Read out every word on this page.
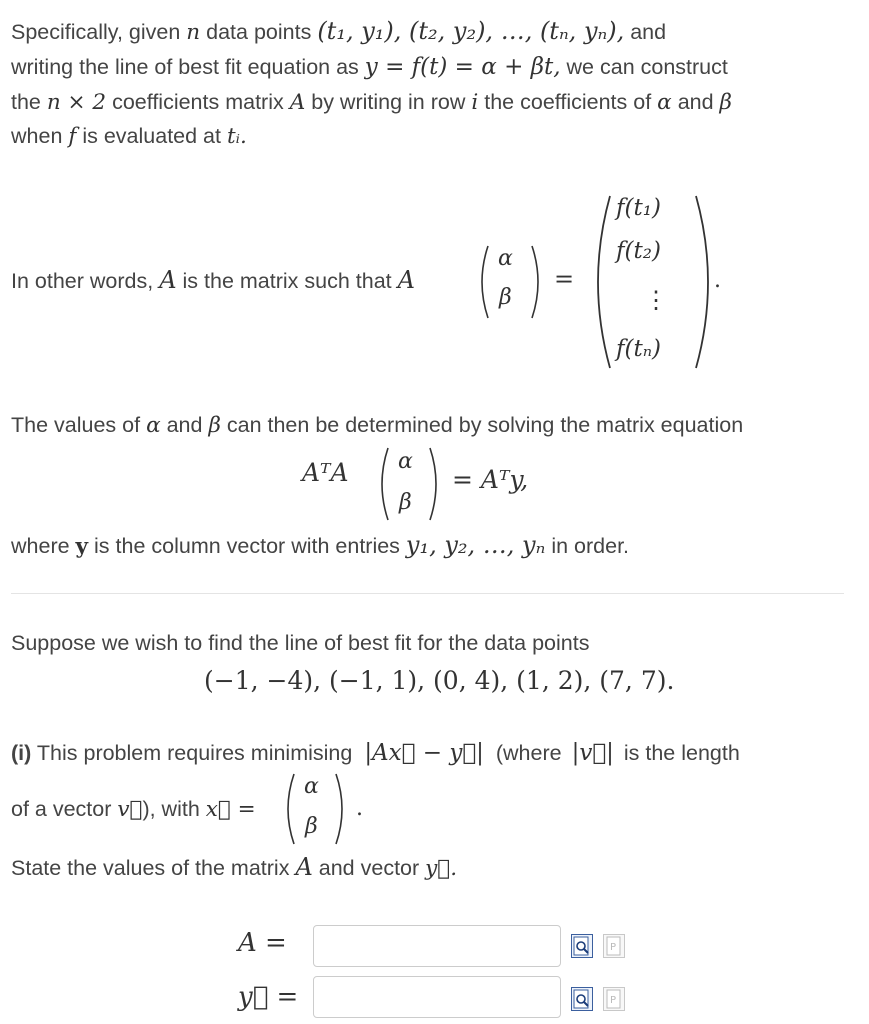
Specifically, given n data points (t₁, y₁), (t₂, y₂), …, (tₙ, yₙ), and
writing the line of best fit equation as y = f(t) = α + βt, we can construct
the n × 2 coefficients matrix A by writing in row i the coefficients of α and β
when f is evaluated at tᵢ.
In other words, A is the matrix such that A
α
β
=
f(t₁)
f(t₂)
⋮
f(tₙ)
.
The values of α and β can then be determined by solving the matrix equation
AᵀA α
β
= Aᵀy,
where y is the column vector with entries y₁, y₂, …, yₙ in order.
Suppose we wish to find the line of best fit for the data points
(−1, −4), (−1, 1), (0, 4), (1, 2), (7, 7).
(i) This problem requires minimising |Ax⃗ − y⃗| (where |v⃗| is the length
of a vector v⃗), with x⃗ =
α
β
.
State the values of the matrix A and vector y⃗.
A =	P
y⃗ =	P
